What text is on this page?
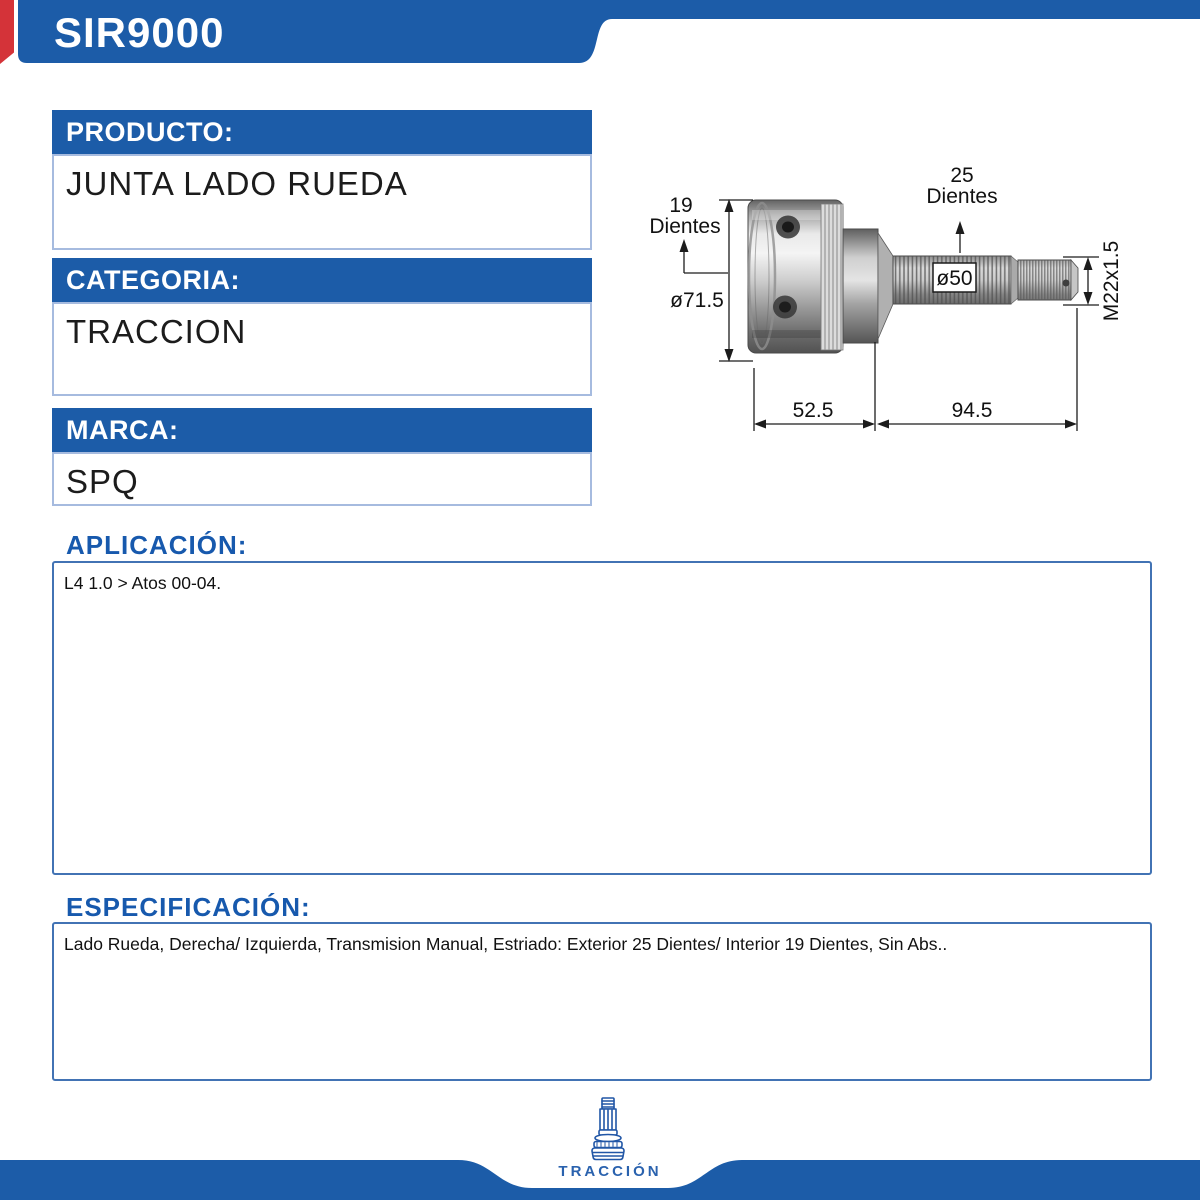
SIR9000
PRODUCTO:
JUNTA LADO RUEDA
CATEGORIA:
TRACCION
MARCA:
SPQ
APLICACIÓN:
L4 1.0 > Atos 00-04.
ESPECIFICACIÓN:
Lado Rueda, Derecha/ Izquierda, Transmision Manual, Estriado: Exterior 25 Dientes/ Interior 19 Dientes, Sin Abs..
19
Dientes
ø71.5
25
Dientes
ø50	M22x1.5
52.5	94.5
TRACCIÓN
